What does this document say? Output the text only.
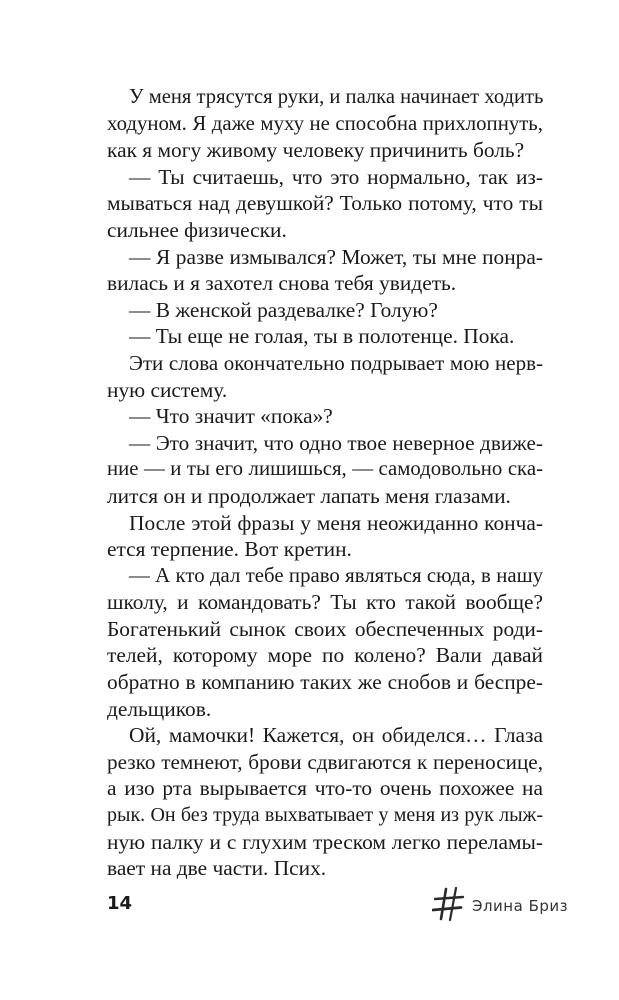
У меня трясутся руки, и палка начинает ходить
ходуном. Я даже муху не способна прихлопнуть,
как я могу живому человеку причинить боль?
— Ты считаешь, что это нормально, так из-
мываться над девушкой? Только потому, что ты
сильнее физически.
— Я разве измывался? Может, ты мне понра-
вилась и я захотел снова тебя увидеть.
— В женской раздевалке? Голую?
— Ты еще не голая, ты в полотенце. Пока.
Эти слова окончательно подрывает мою нерв-
ную систему.
— Что значит «пока»?
— Это значит, что одно твое неверное движе-
ние — и ты его лишишься, — самодовольно ска-
лится он и продолжает лапать меня глазами.
После этой фразы у меня неожиданно конча-
ется терпение. Вот кретин.
— А кто дал тебе право являться сюда, в нашу
школу, и командовать? Ты кто такой вообще?
Богатенький сынок своих обеспеченных роди-
телей, которому море по колено? Вали давай
обратно в компанию таких же снобов и беспре-
дельщиков.
Ой, мамочки! Кажется, он обиделся… Глаза
резко темнеют, брови сдвигаются к переносице,
а изо рта вырывается что-то очень похожее на
рык. Он без труда выхватывает у меня из рук лыж-
ную палку и с глухим треском легко переламы-
вает на две части. Псих.
14	Элина Бриз
